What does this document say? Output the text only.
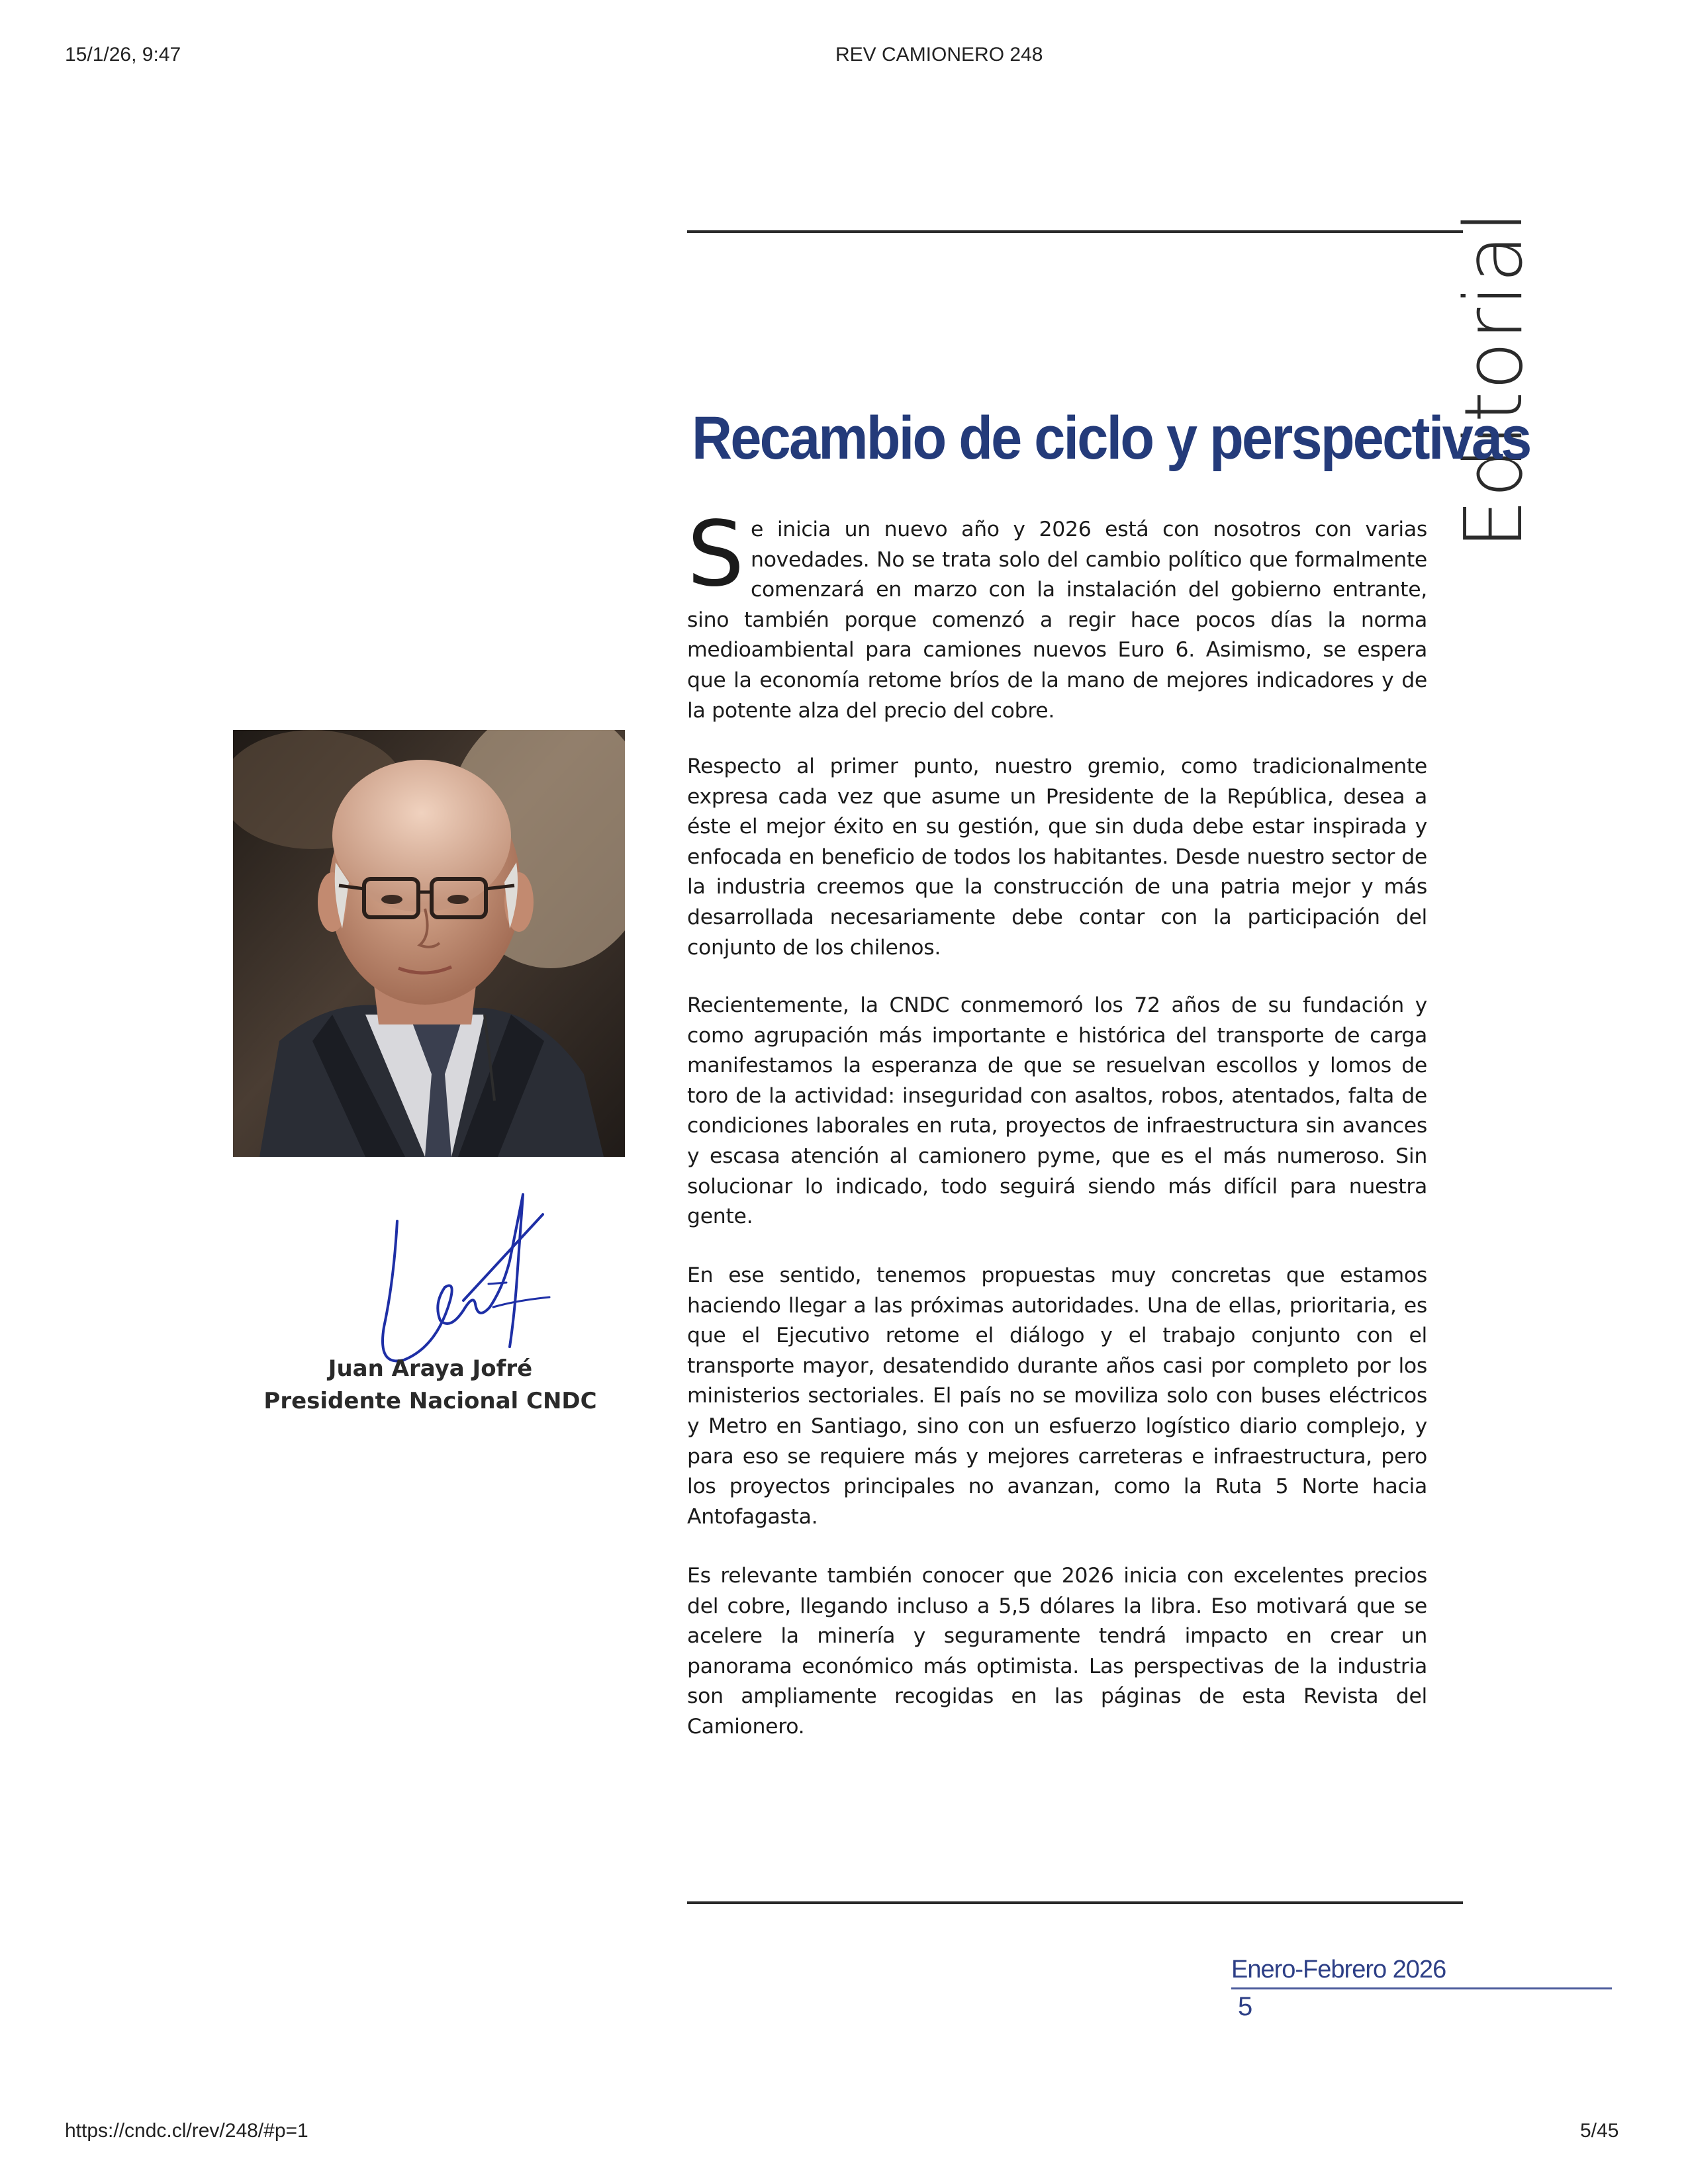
15/1/26, 9:47	REV CAMIONERO 248
https://cndc.cl/rev/248/#p=1	5/45
Editorial
Recambio de ciclo y perspectivas

Se inicia un nuevo año y 2026 está con nosotros con varias novedades. No se trata solo del cambio político que formalmente comenzará en marzo con la instalación del gobierno entrante, sino también porque comenzó a regir hace pocos días la norma medioambiental para camiones nuevos Euro 6. Asimismo, se espera que la economía retome bríos de la mano de mejores indicadores y de la potente alza del precio del cobre.

Respecto al primer punto, nuestro gremio, como tradicionalmente expresa cada vez que asume un Presidente de la República, desea a éste el mejor éxito en su gestión, que sin duda debe estar inspirada y enfocada en beneficio de todos los habitantes. Desde nuestro sector de la industria creemos que la construcción de una patria mejor y más desarrollada necesariamente debe contar con la participación del conjunto de los chilenos.

Recientemente, la CNDC conmemoró los 72 años de su fundación y como agrupación más importante e histórica del transporte de carga manifestamos la esperanza de que se resuelvan escollos y lomos de toro de la actividad: inseguridad con asaltos, robos, atentados, falta de condiciones laborales en ruta, proyectos de infraestructura sin avances y escasa atención al camionero pyme, que es el más numeroso. Sin solucionar lo indicado, todo seguirá siendo más difícil para nuestra gente.

En ese sentido, tenemos propuestas muy concretas que estamos haciendo llegar a las próximas autoridades. Una de ellas, prioritaria, es que el Ejecutivo retome el diálogo y el trabajo conjunto con el transporte mayor, desatendido durante años casi por completo por los ministerios sectoriales. El país no se moviliza solo con buses eléctricos y Metro en Santiago, sino con un esfuerzo logístico diario complejo, y para eso se requiere más y mejores carreteras e infraestructura, pero los proyectos principales no avanzan, como la Ruta 5 Norte hacia Antofagasta.

Es relevante también conocer que 2026 inicia con excelentes precios del cobre, llegando incluso a 5,5 dólares la libra. Eso motivará que se acelere la minería y seguramente tendrá impacto en crear un panorama económico más optimista. Las perspectivas de la industria son ampliamente recogidas en las páginas de esta Revista del Camionero.

Juan Araya Jofré
Presidente Nacional CNDC
Enero-Febrero 2026
5
